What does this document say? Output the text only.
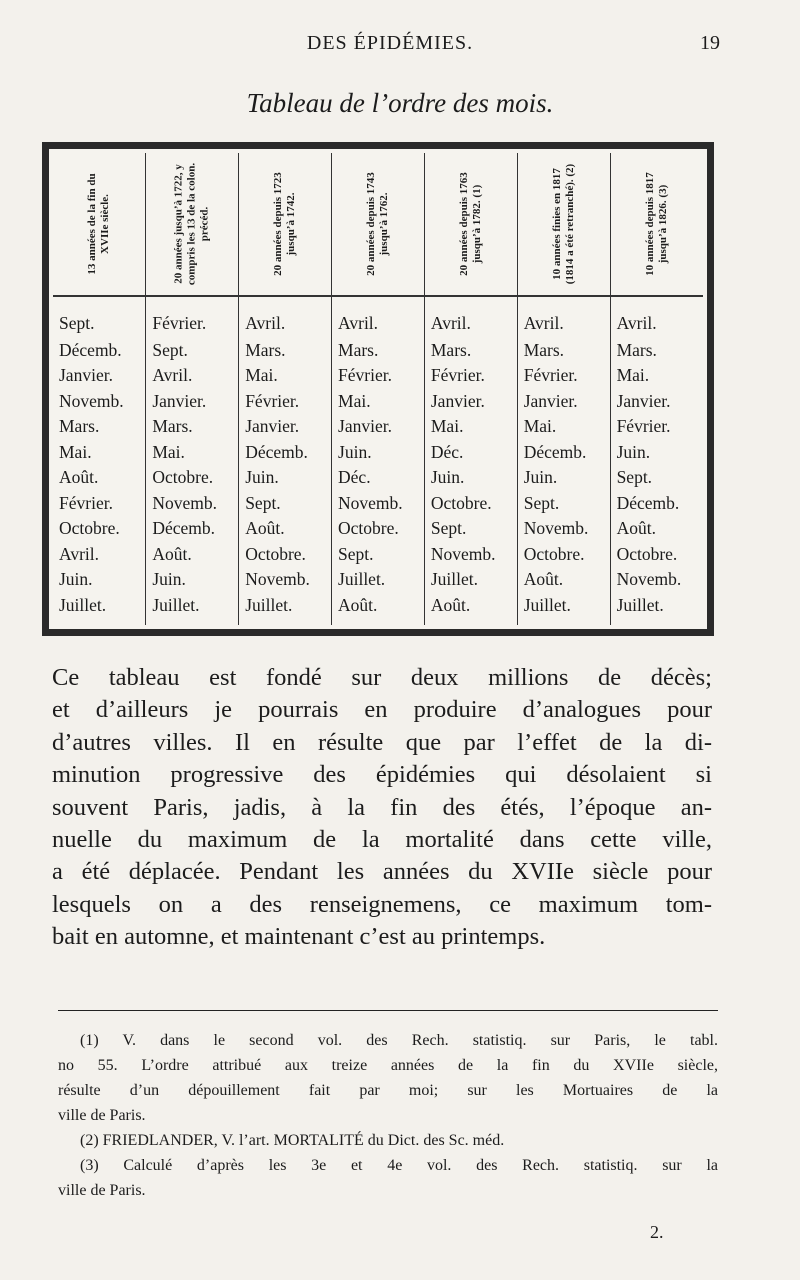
DES ÉPIDÉMIES.	19
Tableau de l’ordre des mois.
13 années de la fin du XVIIe siècle.	20 années jusqu’à 1722, y compris les 13 de la colon. précéd.	20 années depuis 1723 jusqu’à 1742.	20 années depuis 1743 jusqu’à 1762.	20 années depuis 1763 jusqu’à 1782. (1)	10 années finies en 1817 (1814 a été retranché). (2)	10 années depuis 1817 jusqu’à 1826. (3)

Sept.	Février.	Avril.	Avril.	Avril.	Avril.	Avril.
Décemb.	Sept.	Mars.	Mars.	Mars.	Mars.	Mars.
Janvier.	Avril.	Mai.	Février.	Février.	Février.	Mai.
Novemb.	Janvier.	Février.	Mai.	Janvier.	Janvier.	Janvier.
Mars.	Mars.	Janvier.	Janvier.	Mai.	Mai.	Février.
Mai.	Mai.	Décemb.	Juin.	Déc.	Décemb.	Juin.
Août.	Octobre.	Juin.	Déc.	Juin.	Juin.	Sept.
Février.	Novemb.	Sept.	Novemb.	Octobre.	Sept.	Décemb.
Octobre.	Décemb.	Août.	Octobre.	Sept.	Novemb.	Août.
Avril.	Août.	Octobre.	Sept.	Novemb.	Octobre.	Octobre.
Juin.	Juin.	Novemb.	Juillet.	Juillet.	Août.	Novemb.
Juillet.	Juillet.	Juillet.	Août.	Août.	Juillet.	Juillet.
Ce tableau est fondé sur deux millions de décès;
et d’ailleurs je pourrais en produire d’analogues pour
d’autres villes. Il en résulte que par l’effet de la di-
minution progressive des épidémies qui désolaient si
souvent Paris, jadis, à la fin des étés, l’époque an-
nuelle du maximum de la mortalité dans cette ville,
a été déplacée. Pendant les années du XVIIe siècle pour
lesquels on a des renseignemens, ce maximum tom-
bait en automne, et maintenant c’est au printemps.
(1) V. dans le second vol. des Rech. statistiq. sur Paris, le tabl.
no 55. L’ordre attribué aux treize années de la fin du XVIIe siècle,
résulte d’un dépouillement fait par moi; sur les Mortuaires de la
ville de Paris.
(2) FRIEDLANDER, V. l’art. MORTALITÉ du Dict. des Sc. méd.
(3) Calculé d’après les 3e et 4e vol. des Rech. statistiq. sur la
ville de Paris.
2.
